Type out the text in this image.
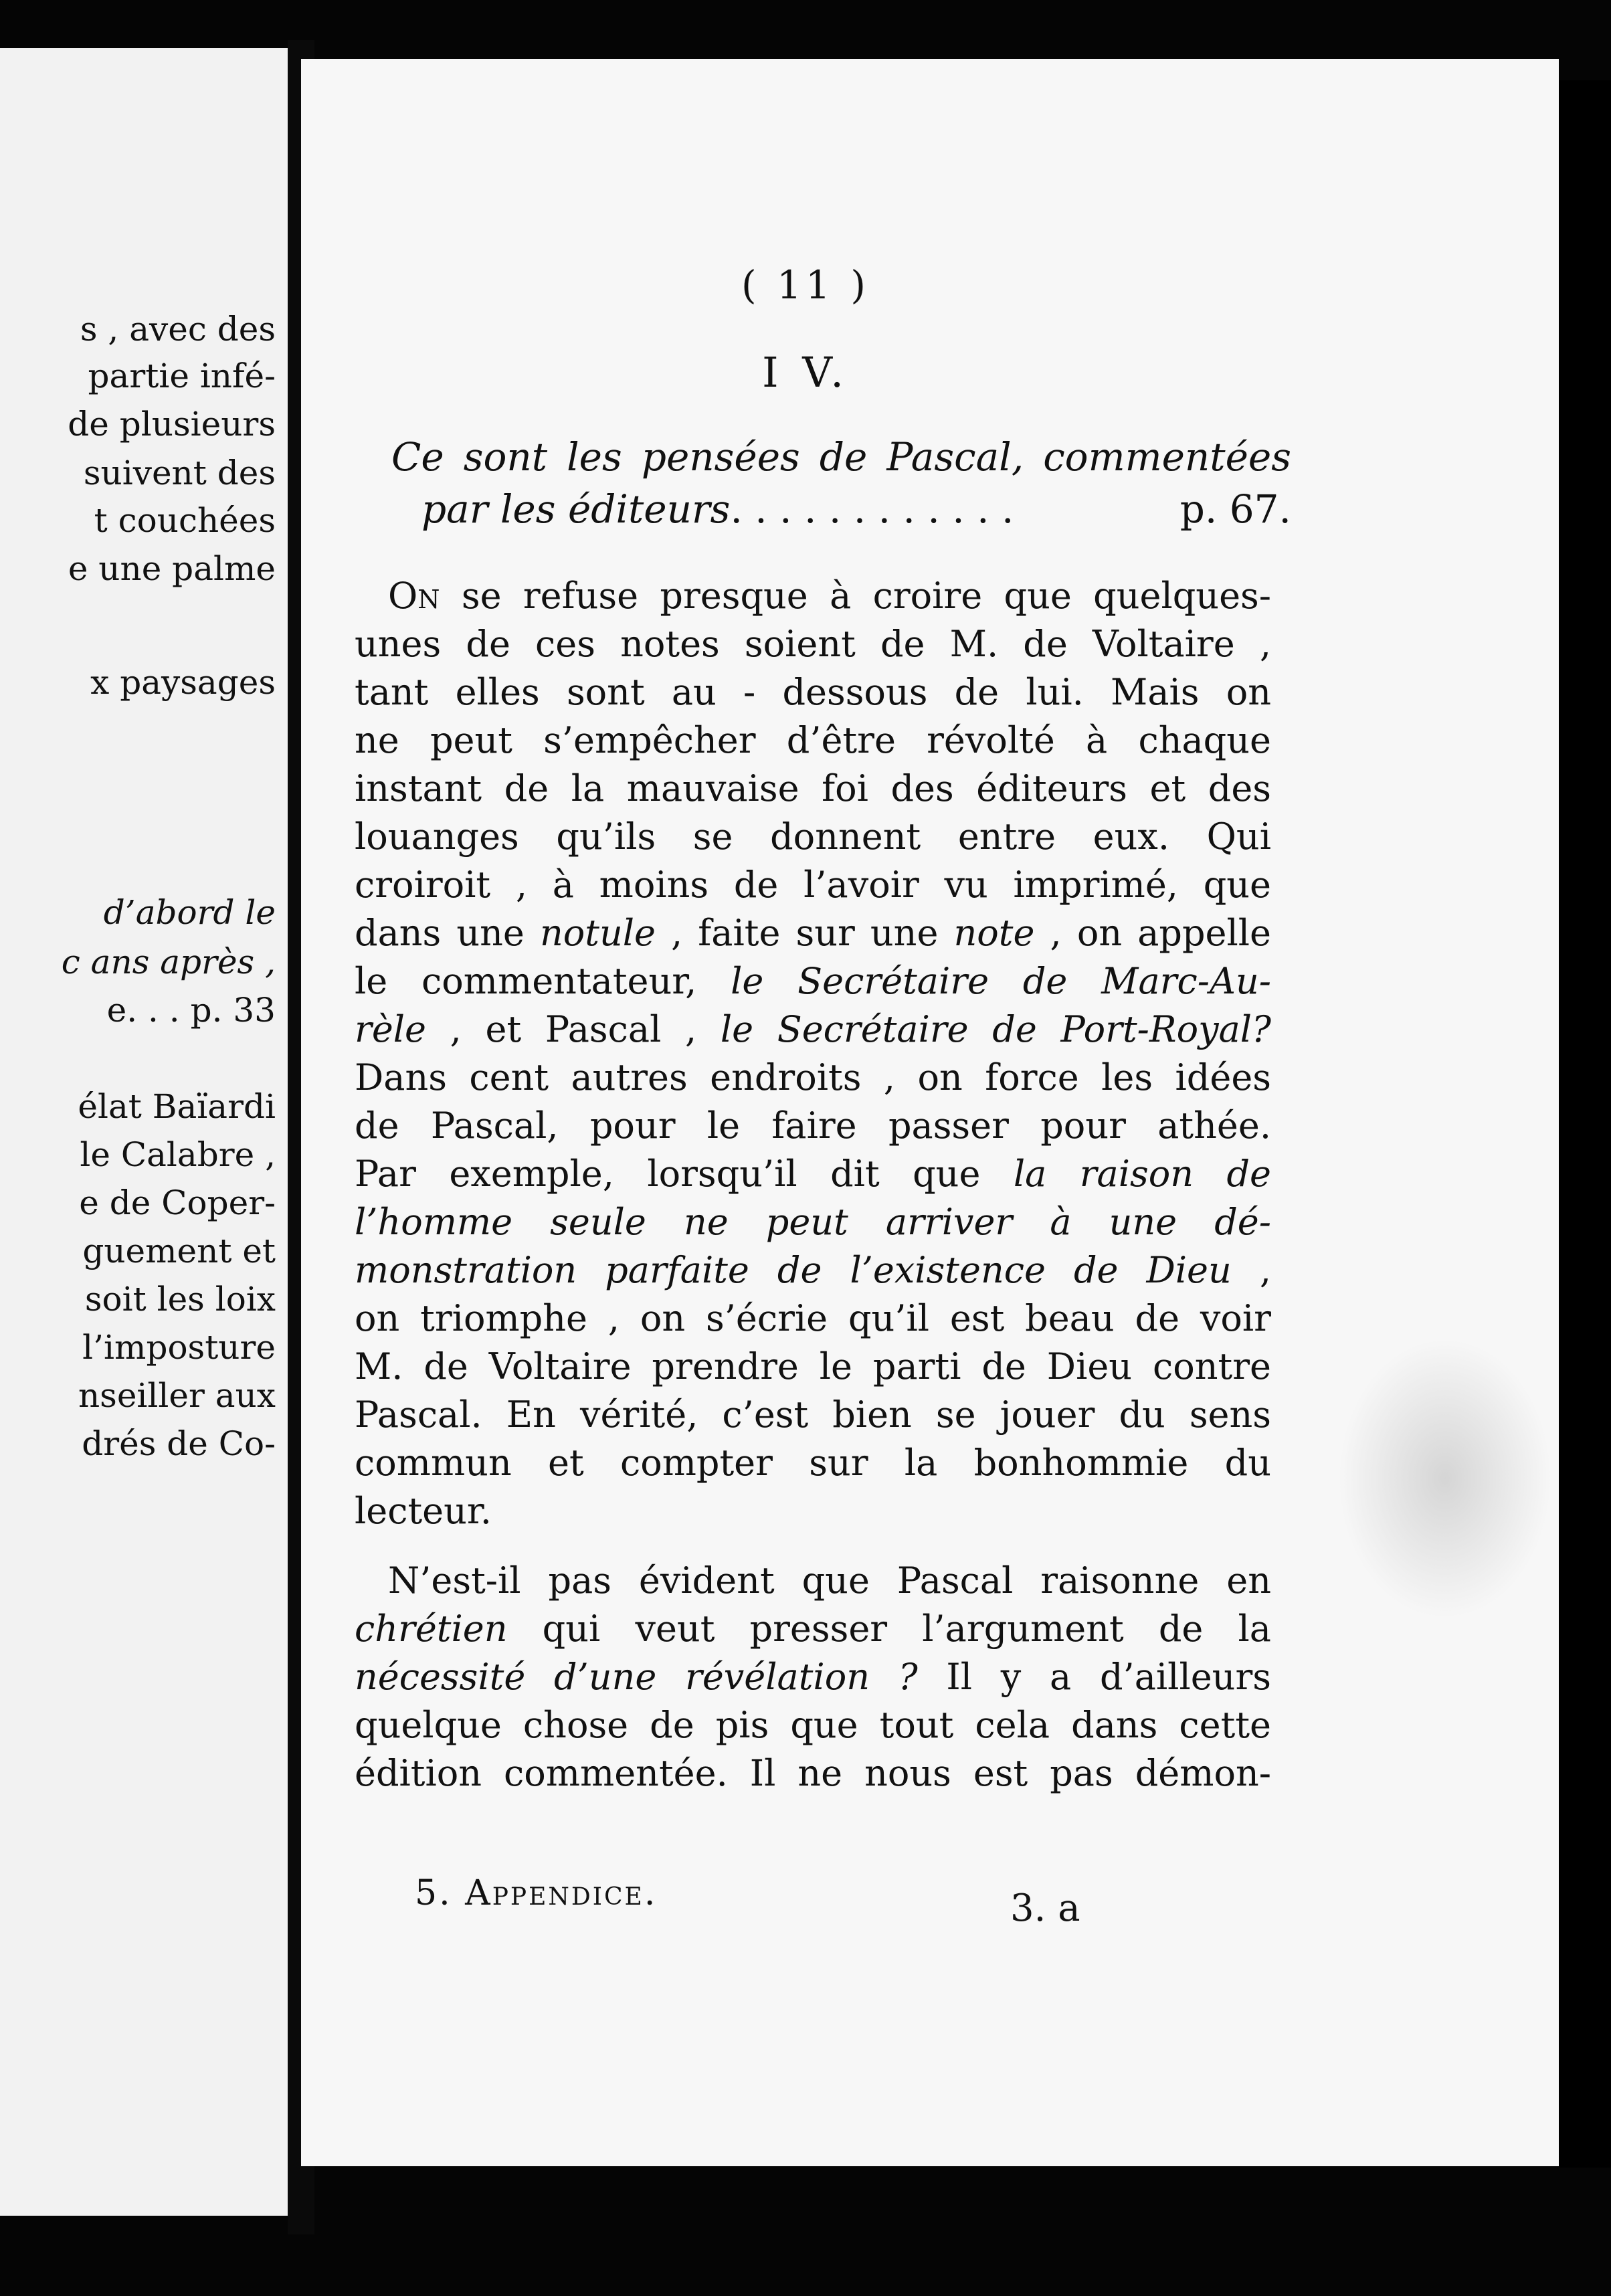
s , avec des
partie infé-
de plusieurs
suivent des
t couchées
e une palme
x paysages
d’abord le
c ans après ,
e. . . p. 33
élat Baïardi
le Calabre ,
e de Coper-
guement et
soit les loix
l’imposture
nseiller aux
drés de Co-
( 11 )
I V.
Ce sont les pensées de Pascal, commentées
par les éditeurs. . . . . . . . . . . .	p. 67.
On se refuse presque à croire que quelques-
unes de ces notes soient de M. de Voltaire ,
tant elles sont au - dessous de lui. Mais on
ne peut s’empêcher d’être révolté à chaque
instant de la mauvaise foi des éditeurs et des
louanges qu’ils se donnent entre eux. Qui
croiroit , à moins de l’avoir vu imprimé, que
dans une notule , faite sur une note , on appelle
le commentateur, le Secrétaire de Marc-Au-
rèle , et Pascal , le Secrétaire de Port-Royal?
Dans cent autres endroits , on force les idées
de Pascal, pour le faire passer pour athée.
Par exemple, lorsqu’il dit que la raison de
l’homme seule ne peut arriver à une dé-
monstration parfaite de l’existence de Dieu ,
on triomphe , on s’écrie qu’il est beau de voir
M. de Voltaire prendre le parti de Dieu contre
Pascal. En vérité, c’est bien se jouer du sens
commun et compter sur la bonhommie du
lecteur.
N’est-il pas évident que Pascal raisonne en
chrétien qui veut presser l’argument de la
nécessité d’une révélation ? Il y a d’ailleurs
quelque chose de pis que tout cela dans cette
édition commentée. Il ne nous est pas démon-
5. Appendice.	3. a
